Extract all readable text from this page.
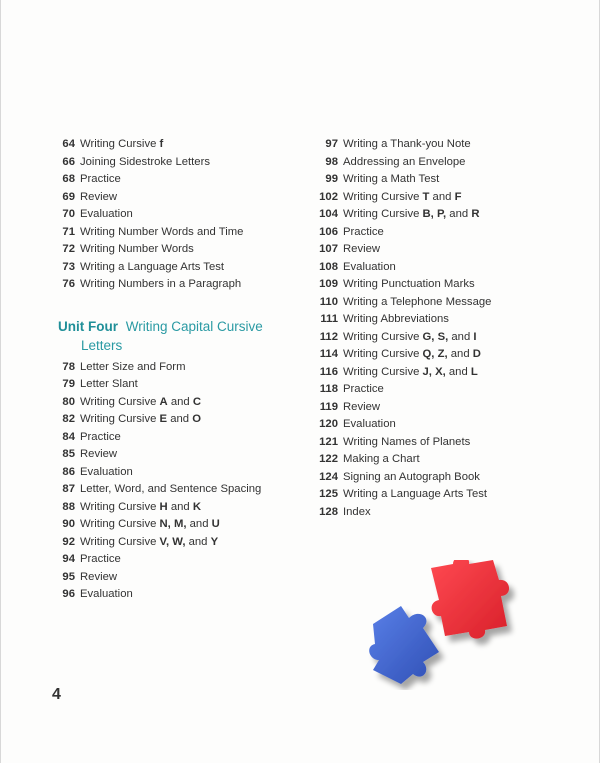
64 Writing Cursive f
66 Joining Sidestroke Letters
68 Practice
69 Review
70 Evaluation
71 Writing Number Words and Time
72 Writing Number Words
73 Writing a Language Arts Test
76 Writing Numbers in a Paragraph
Unit Four Writing Capital Cursive
Letters
78 Letter Size and Form
79 Letter Slant
80 Writing Cursive A and C
82 Writing Cursive E and O
84 Practice
85 Review
86 Evaluation
87 Letter, Word, and Sentence Spacing
88 Writing Cursive H and K
90 Writing Cursive N, M, and U
92 Writing Cursive V, W, and Y
94 Practice
95 Review
96 Evaluation
97 Writing a Thank-you Note
98 Addressing an Envelope
99 Writing a Math Test
102 Writing Cursive T and F
104 Writing Cursive B, P, and R
106 Practice
107 Review
108 Evaluation
109 Writing Punctuation Marks
110 Writing a Telephone Message
111 Writing Abbreviations
112 Writing Cursive G, S, and I
114 Writing Cursive Q, Z, and D
116 Writing Cursive J, X, and L
118 Practice
119 Review
120 Evaluation
121 Writing Names of Planets
122 Making a Chart
124 Signing an Autograph Book
125 Writing a Language Arts Test
128 Index
4
